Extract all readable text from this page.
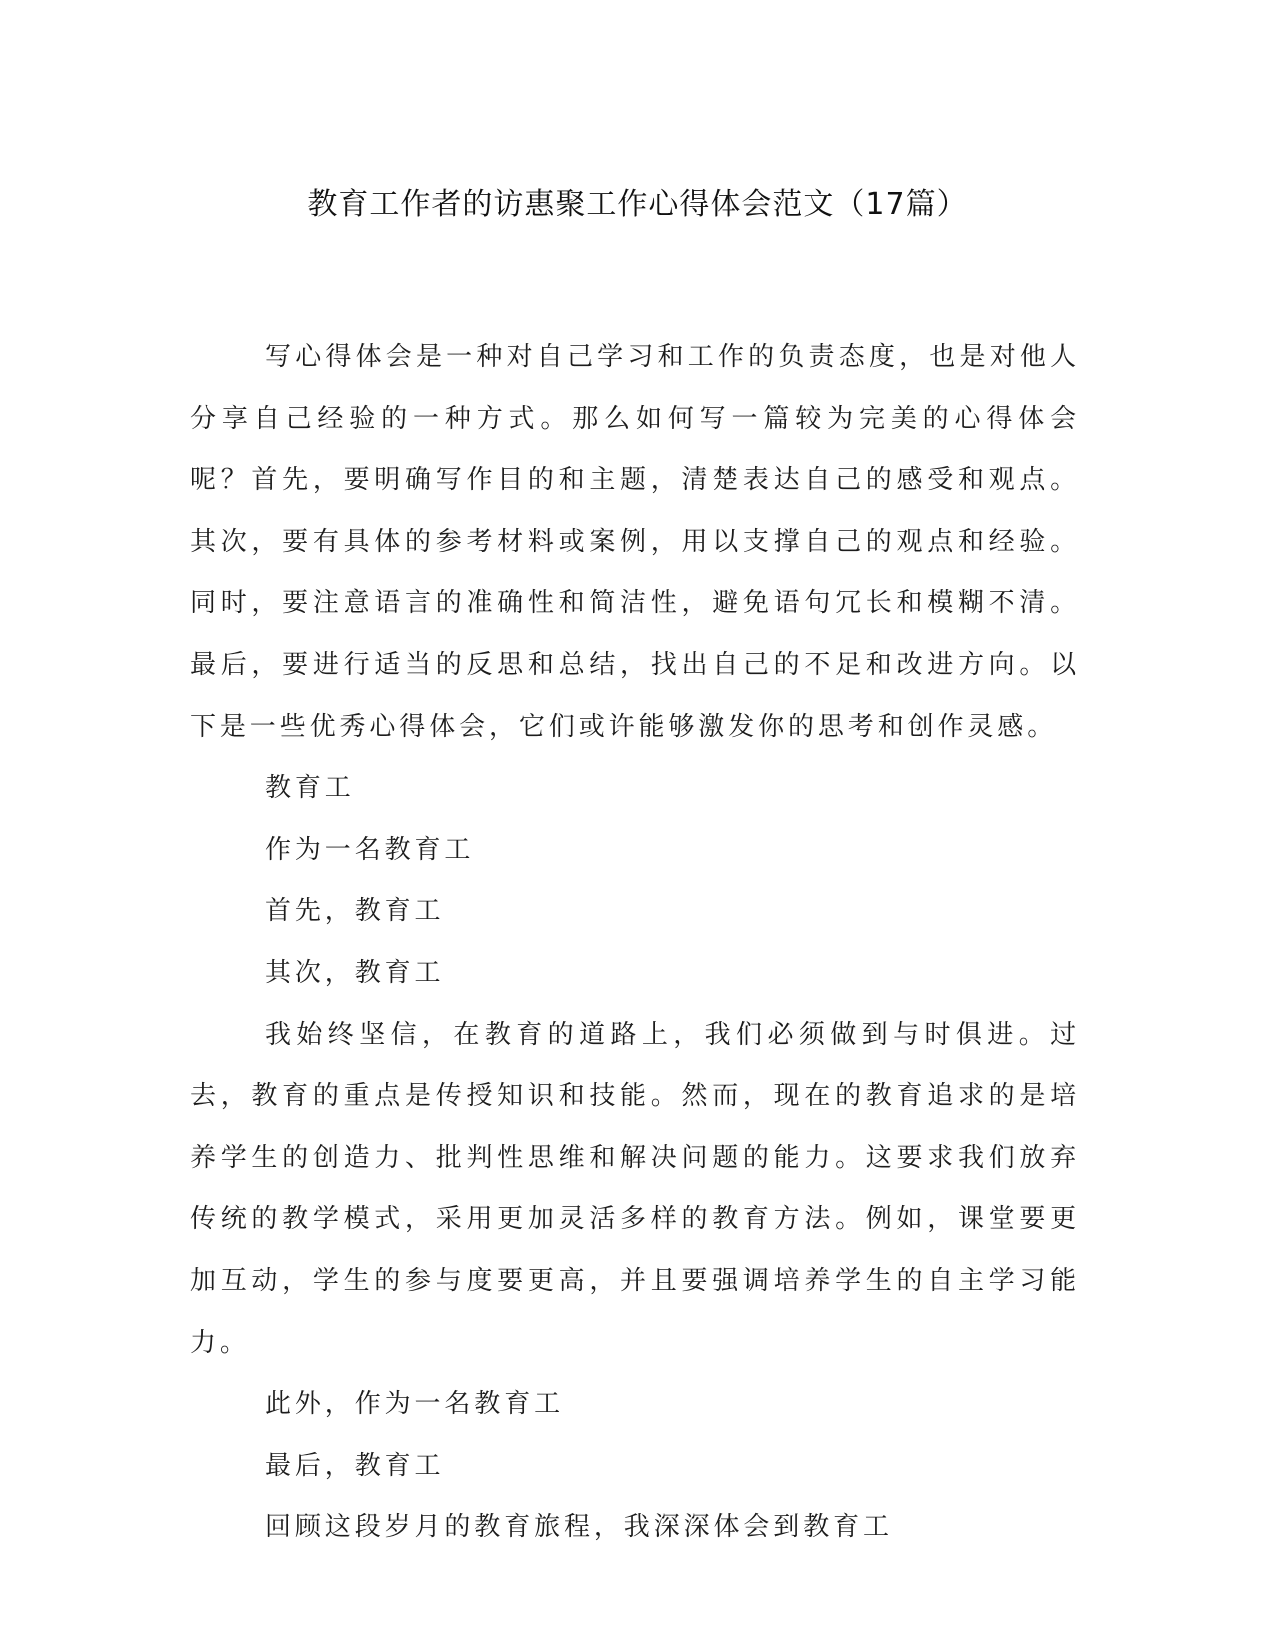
教育工作者的访惠聚工作心得体会范文（17篇）

写心得体会是一种对自己学习和工作的负责态度，也是对他人分享自己经验的一种方式。那么如何写一篇较为完美的心得体会呢？首先，要明确写作目的和主题，清楚表达自己的感受和观点。其次，要有具体的参考材料或案例，用以支撑自己的观点和经验。同时，要注意语言的准确性和简洁性，避免语句冗长和模糊不清。最后，要进行适当的反思和总结，找出自己的不足和改进方向。以下是一些优秀心得体会，它们或许能够激发你的思考和创作灵感。

教育工

作为一名教育工

首先，教育工

其次，教育工

我始终坚信，在教育的道路上，我们必须做到与时俱进。过去，教育的重点是传授知识和技能。然而，现在的教育追求的是培养学生的创造力、批判性思维和解决问题的能力。这要求我们放弃传统的教学模式，采用更加灵活多样的教育方法。例如，课堂要更加互动，学生的参与度要更高，并且要强调培养学生的自主学习能力。

此外，作为一名教育工

最后，教育工

回顾这段岁月的教育旅程，我深深体会到教育工
